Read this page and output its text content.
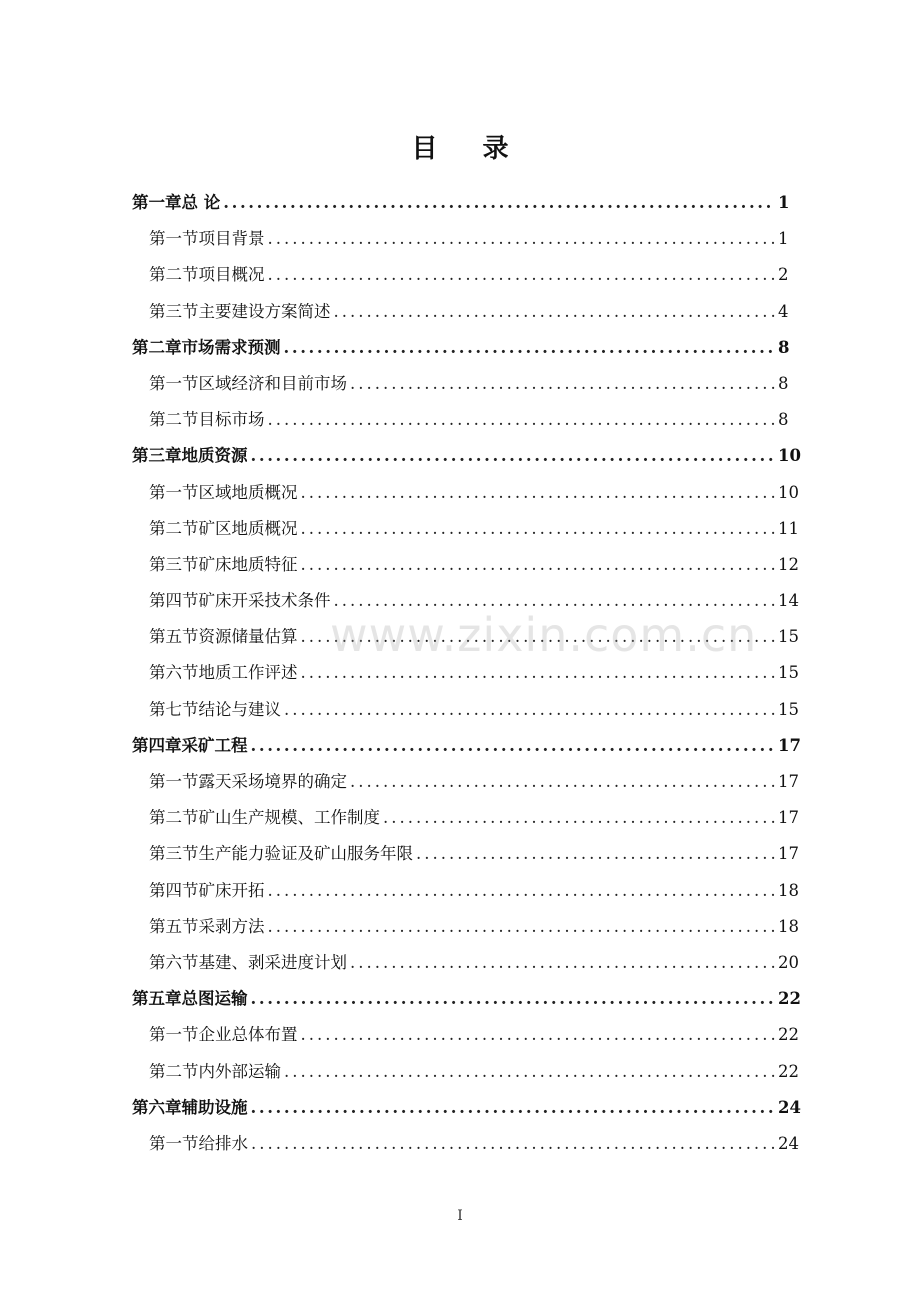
目 录
第一章 总 论 .....	1
第一节 项目背景 .....	1
第二节 项目概况 .....	2
第三节 主要建设方案简述 .....	4
第二章 市场需求预测 .....	8
第一节 区域经济和目前市场 .....	8
第二节 目标市场 .....	8
第三章 地质资源 .....	10
第一节 区域地质概况 .....	10
第二节 矿区地质概况 .....	11
第三节 矿床地质特征 .....	12
第四节 矿床开采技术条件 .....	14
第五节 资源储量估算 .....	15
第六节 地质工作评述 .....	15
第七节 结论与建议 .....	15
第四章 采矿工程 .....	17
第一节 露天采场境界的确定 .....	17
第二节 矿山生产规模、工作制度 .....	17
第三节 生产能力验证及矿山服务年限 .....	17
第四节 矿床开拓 .....	18
第五节 采剥方法 .....	18
第六节 基建、剥采进度计划 .....	20
第五章 总图运输 .....	22
第一节 企业总体布置 .....	22
第二节 内外部运输 .....	22
第六章 辅助设施 .....	24
第一节 给排水 .....	24
www.zixin.com.cn
I
